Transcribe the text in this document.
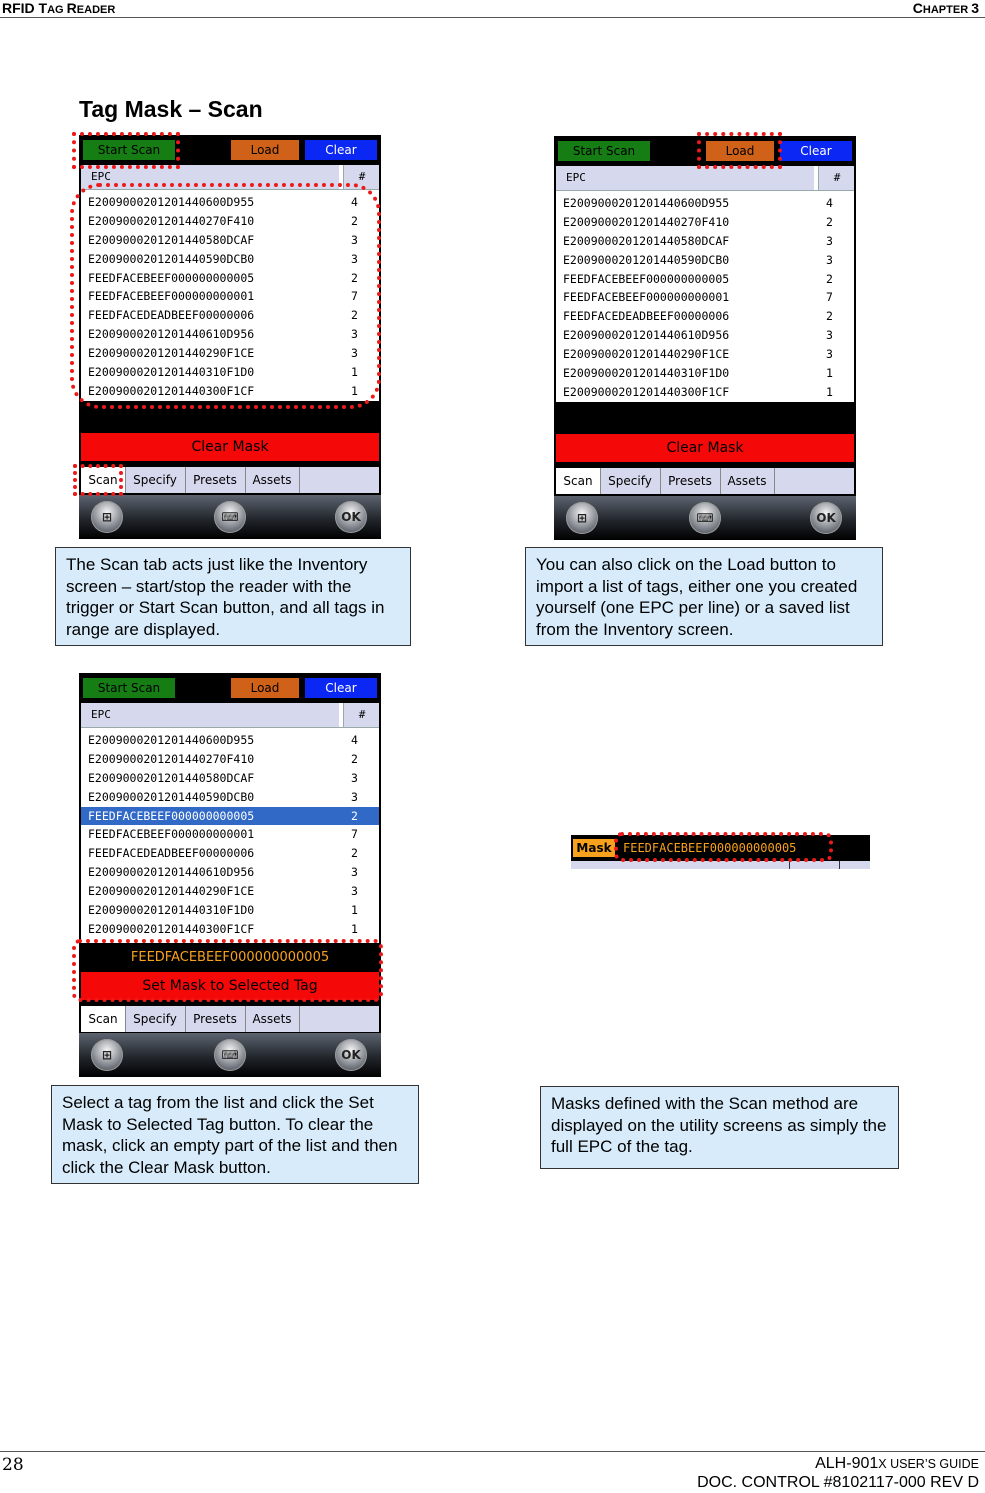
RFID TAG READER	CHAPTER 3
Tag Mask – Scan
Start Scan	Load	Clear
EPC	#
E2009000201201440600D955	4
E2009000201201440270F410	2
E2009000201201440580DCAF	3
E2009000201201440590DCB0	3
FEEDFACEBEEF000000000005	2
FEEDFACEBEEF000000000001	7
FEEDFACEDEADBEEF00000006	2
E2009000201201440610D956	3
E2009000201201440290F1CE	3
E2009000201201440310F1D0	1
E2009000201201440300F1CF	1
Clear Mask
Scan	Specify	Presets	Assets
⊞	⌨	OK
Start Scan	Load	Clear
EPC	#
E2009000201201440600D955	4
E2009000201201440270F410	2
E2009000201201440580DCAF	3
E2009000201201440590DCB0	3
FEEDFACEBEEF000000000005	2
FEEDFACEBEEF000000000001	7
FEEDFACEDEADBEEF00000006	2
E2009000201201440610D956	3
E2009000201201440290F1CE	3
E2009000201201440310F1D0	1
E2009000201201440300F1CF	1
Clear Mask
Scan	Specify	Presets	Assets
⊞	⌨	OK
The Scan tab acts just like the Inventory screen – start/stop the reader with the trigger or Start Scan button, and all tags in range are displayed.
You can also click on the Load button to import a list of tags, either one you created yourself (one EPC per line) or a saved list from the Inventory screen.
Start Scan	Load	Clear
EPC	#
E2009000201201440600D955	4
E2009000201201440270F410	2
E2009000201201440580DCAF	3
E2009000201201440590DCB0	3
FEEDFACEBEEF000000000005	2
FEEDFACEBEEF000000000001	7
FEEDFACEDEADBEEF00000006	2
E2009000201201440610D956	3
E2009000201201440290F1CE	3
E2009000201201440310F1D0	1
E2009000201201440300F1CF	1
FEEDFACEBEEF000000000005
Set Mask to Selected Tag
Scan	Specify	Presets	Assets
⊞	⌨	OK
Mask FEEDFACEBEEF000000000005
Select a tag from the list and click the Set Mask to Selected Tag button. To clear the mask, click an empty part of the list and then click the Clear Mask button.
Masks defined with the Scan method are displayed on the utility screens as simply the full EPC of the tag.
28	ALH-901X USER’S GUIDE
DOC. CONTROL #8102117-000 REV D
